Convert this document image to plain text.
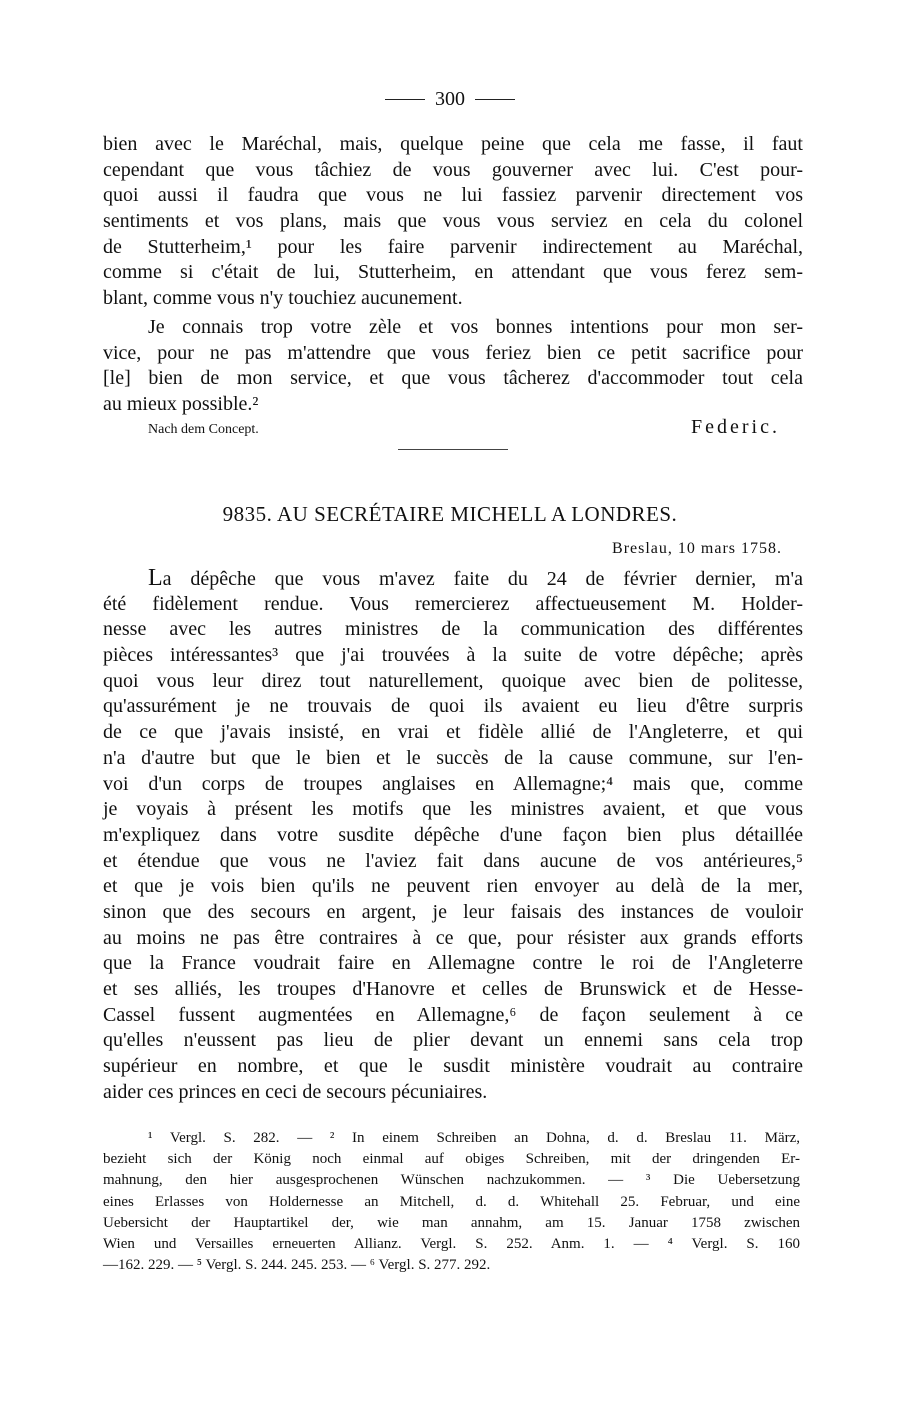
300
bien avec le Maréchal, mais, quelque peine que cela me fasse, il faut
cependant que vous tâchiez de vous gouverner avec lui. C'est pour-
quoi aussi il faudra que vous ne lui fassiez parvenir directement vos
sentiments et vos plans, mais que vous vous serviez en cela du colonel
de Stutterheim,¹ pour les faire parvenir indirectement au Maréchal,
comme si c'était de lui, Stutterheim, en attendant que vous ferez sem-
blant, comme vous n'y touchiez aucunement.
Je connais trop votre zèle et vos bonnes intentions pour mon ser-
vice, pour ne pas m'attendre que vous feriez bien ce petit sacrifice pour
[le] bien de mon service, et que vous tâcherez d'accommoder tout cela
au mieux possible.²
Nach dem Concept.	Federic.
9835. AU SECRÉTAIRE MICHELL A LONDRES.
Breslau, 10 mars 1758.
La dépêche que vous m'avez faite du 24 de février dernier, m'a
été fidèlement rendue. Vous remercierez affectueusement M. Holder-
nesse avec les autres ministres de la communication des différentes
pièces intéressantes³ que j'ai trouvées à la suite de votre dépêche; après
quoi vous leur direz tout naturellement, quoique avec bien de politesse,
qu'assurément je ne trouvais de quoi ils avaient eu lieu d'être surpris
de ce que j'avais insisté, en vrai et fidèle allié de l'Angleterre, et qui
n'a d'autre but que le bien et le succès de la cause commune, sur l'en-
voi d'un corps de troupes anglaises en Allemagne;⁴ mais que, comme
je voyais à présent les motifs que les ministres avaient, et que vous
m'expliquez dans votre susdite dépêche d'une façon bien plus détaillée
et étendue que vous ne l'aviez fait dans aucune de vos antérieures,⁵
et que je vois bien qu'ils ne peuvent rien envoyer au delà de la mer,
sinon que des secours en argent, je leur faisais des instances de vouloir
au moins ne pas être contraires à ce que, pour résister aux grands efforts
que la France voudrait faire en Allemagne contre le roi de l'Angleterre
et ses alliés, les troupes d'Hanovre et celles de Brunswick et de Hesse-
Cassel fussent augmentées en Allemagne,⁶ de façon seulement à ce
qu'elles n'eussent pas lieu de plier devant un ennemi sans cela trop
supérieur en nombre, et que le susdit ministère voudrait au contraire
aider ces princes en ceci de secours pécuniaires.
¹ Vergl. S. 282. — ² In einem Schreiben an Dohna, d. d. Breslau 11. März,
bezieht sich der König noch einmal auf obiges Schreiben, mit der dringenden Er-
mahnung, den hier ausgesprochenen Wünschen nachzukommen. — ³ Die Uebersetzung
eines Erlasses von Holdernesse an Mitchell, d. d. Whitehall 25. Februar, und eine
Uebersicht der Hauptartikel der, wie man annahm, am 15. Januar 1758 zwischen
Wien und Versailles erneuerten Allianz. Vergl. S. 252. Anm. 1. — ⁴ Vergl. S. 160
—162. 229. — ⁵ Vergl. S. 244. 245. 253. — ⁶ Vergl. S. 277. 292.
